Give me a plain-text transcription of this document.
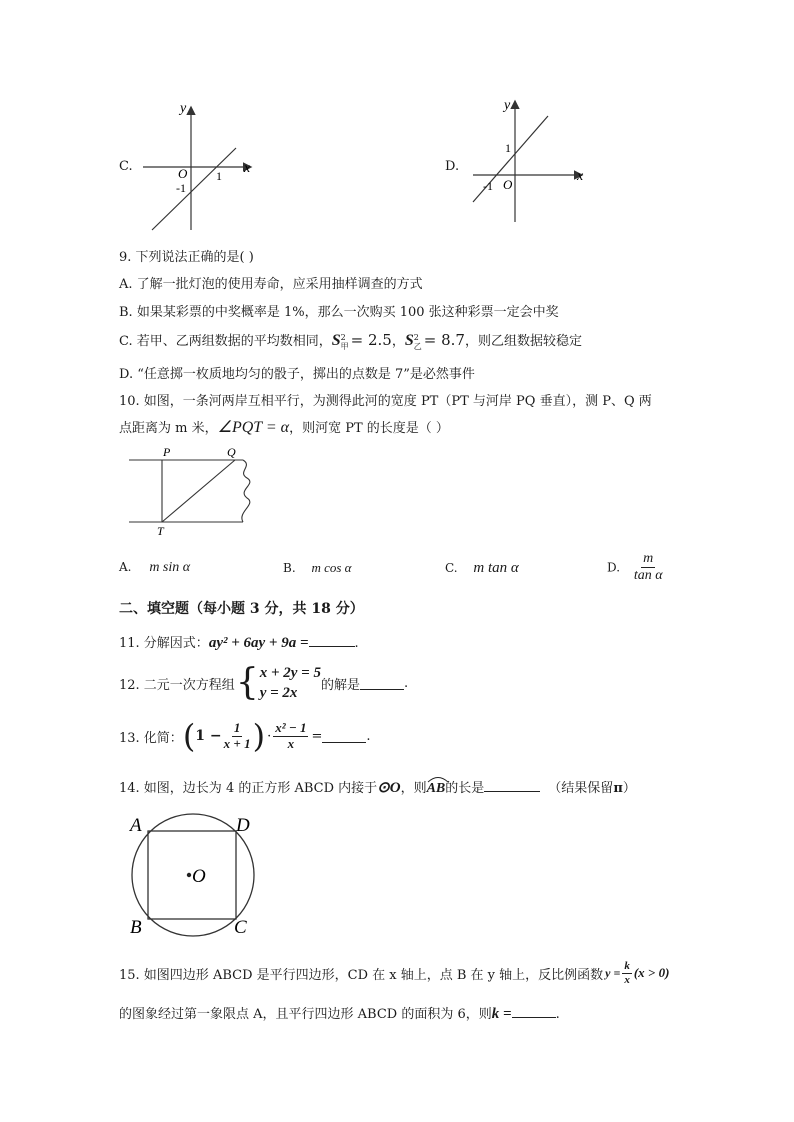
C.
y
x
O
-1
1
D.
y
x
1
-1 O
9. 下列说法正确的是( )
A. 了解一批灯泡的使用寿命，应采用抽样调查的方式
B. 如果某彩票的中奖概率是 1%，那么一次购买 100 张这种彩票一定会中奖
C. 若甲、乙两组数据的平均数相同，S 2
甲 = 2.5，S 2
乙 = 8.7，则乙组数据较稳定
D. “任意掷一枚质地均匀的骰子，掷出的点数是 7”是必然事件
10. 如图，一条河两岸互相平行，为测得此河的宽度 PT（PT 与河岸 PQ 垂直），测 P、Q 两
点距离为 m 米，∠PQT = α，则河宽 PT 的长度是（ ）
P	Q
T
A. m sin α	B. m cos α	C. m tan α	D. $\frac{m}{\text{tan α}}$
二、填空题（每小题 3 分，共 18 分）
11. 分解因式：ay² + 6ay + 9a =	.
12. 二元一次方程组 { x + 2y = 5
y = 2x	的解是	.
13. 化简： ( $1 - \frac{1}{x + 1}$ ) · $\frac{\text{x² − 1}}{x}$ =	.
14. 如图，边长为 4 的正方形 ABCD 内接于⊙O，则
AB的长是	（结果保留π）
A	D
B	C
O
15. 如图四边形 ABCD 是平行四边形，CD 在 x 轴上，点 B 在 y 轴上，反比例函数 $y = \frac{k}{x} (x > 0)$
的图象经过第一象限点 A，且平行四边形 ABCD 的面积为 6，则k =	.
